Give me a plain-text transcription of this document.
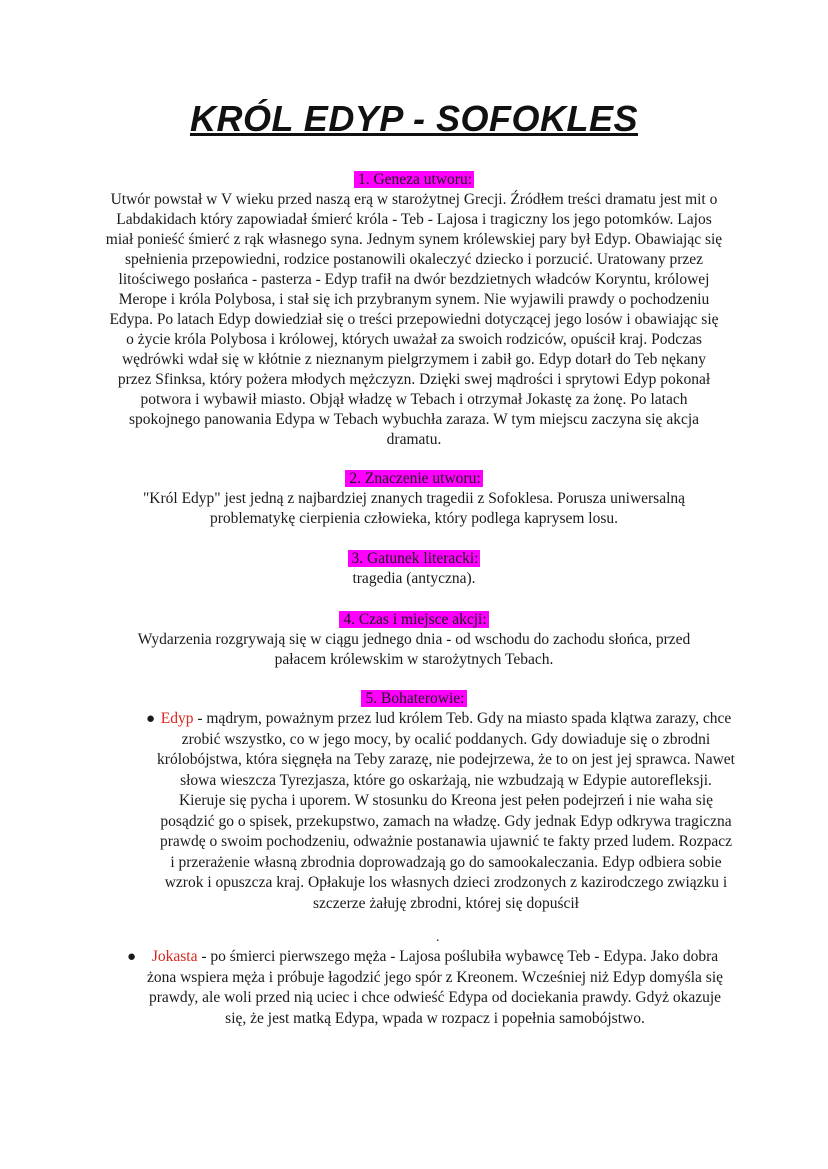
KRÓL EDYP - SOFOKLES
1. Geneza utworu:
Utwór powstał w V wieku przed naszą erą w starożytnej Grecji. Źródłem treści dramatu jest mit o Labdakidach który zapowiadał śmierć króla - Teb - Lajosa i tragiczny los jego potomków. Lajos miał ponieść śmierć z rąk własnego syna. Jednym synem królewskiej pary był Edyp. Obawiając się spełnienia przepowiedni, rodzice postanowili okaleczyć dziecko i porzucić. Uratowany przez litościwego posłańca - pasterza - Edyp trafił na dwór bezdzietnych władców Koryntu, królowej Merope i króla Polybosa, i stał się ich przybranym synem. Nie wyjawili prawdy o pochodzeniu Edypa. Po latach Edyp dowiedział się o treści przepowiedni dotyczącej jego losów i obawiając się o życie króla Polybosa i królowej, których uważał za swoich rodziców, opuścił kraj. Podczas wędrówki wdał się w kłótnie z nieznanym pielgrzymem i zabił go. Edyp dotarł do Teb nękany przez Sfinksa, który pożera młodych mężczyzn. Dzięki swej mądrości i sprytowi Edyp pokonał potwora i wybawił miasto. Objął władzę w Tebach i otrzymał Jokastę za żonę. Po latach spokojnego panowania Edypa w Tebach wybuchła zaraza. W tym miejscu zaczyna się akcja dramatu.
2. Znaczenie utworu:
"Król Edyp" jest jedną z najbardziej znanych tragedii z Sofoklesa. Porusza uniwersalną problematykę cierpienia człowieka, który podlega kaprysem losu.
3. Gatunek literacki:
tragedia (antyczna).
4. Czas i miejsce akcji:
Wydarzenia rozgrywają się w ciągu jednego dnia - od wschodu do zachodu słońca, przed pałacem królewskim w starożytnych Tebach.
5. Bohaterowie:
● Edyp - mądrym, poważnym przez lud królem Teb. Gdy na miasto spada klątwa zarazy, chce zrobić wszystko, co w jego mocy, by ocalić poddanych. Gdy dowiaduje się o zbrodni królobójstwa, która sięgnęła na Teby zarazę, nie podejrzewa, że to on jest jej sprawca. Nawet słowa wieszcza Tyrezjasza, które go oskarżają, nie wzbudzają w Edypie autorefleksji. Kieruje się pycha i uporem. W stosunku do Kreona jest pełen podejrzeń i nie waha się posądzić go o spisek, przekupstwo, zamach na władzę. Gdy jednak Edyp odkrywa tragiczna prawdę o swoim pochodzeniu, odważnie postanawia ujawnić te fakty przed ludem. Rozpacz i przerażenie własną zbrodnia doprowadzają go do samookaleczania. Edyp odbiera sobie wzrok i opuszcza kraj. Opłakuje los własnych dzieci zrodzonych z kazirodczego związku i szczerze żałuję zbrodni, której się dopuścił
.
●	Jokasta - po śmierci pierwszego męża - Lajosa poślubiła wybawcę Teb - Edypa. Jako dobra żona wspiera męża i próbuje łagodzić jego spór z Kreonem. Wcześniej niż Edyp domyśla się prawdy, ale woli przed nią uciec i chce odwieść Edypa od dociekania prawdy. Gdyż okazuje się, że jest matką Edypa, wpada w rozpacz i popełnia samobójstwo.
